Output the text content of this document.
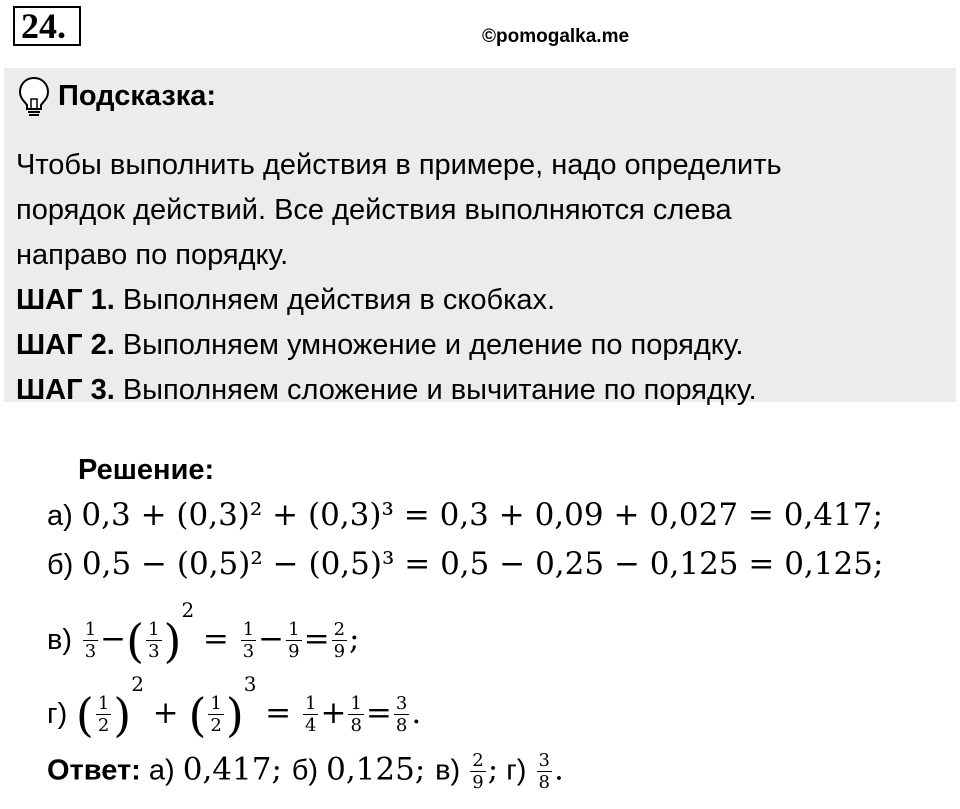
24.	©pomogalka.me
Подсказка:

Чтобы выполнить действия в примере, надо определить

порядок действий. Все действия выполняются слева

направо по порядку.

ШАГ 1. Выполняем действия в скобках.

ШАГ 2. Выполняем умножение и деление по порядку.

ШАГ 3. Выполняем сложение и вычитание по порядку.

Решение:
а) 0,3 + (0,3)² + (0,3)³ = 0,3 + 0,09 + 0,027 = 0,417;
б) 0,5 − (0,5)² − (0,5)³ = 0,5 − 0,25 − 0,125 = 0,125;
$в) \frac{1}{3}$ −( $\frac{1}{3} )^2 = \frac{1}{3} - \frac{1}{9} = \frac{2}{9}$ ;
г) ( $\frac{1}{2} )^2$ + ( $\frac{1}{2} )^3 = \frac{1}{4} + \frac{1}{8} = \frac{3}{8}$ .
Ответ: а) 0,417; б) 0,125; $в) \frac{2}{9}$ ; $г) \frac{3}{8}$ .
